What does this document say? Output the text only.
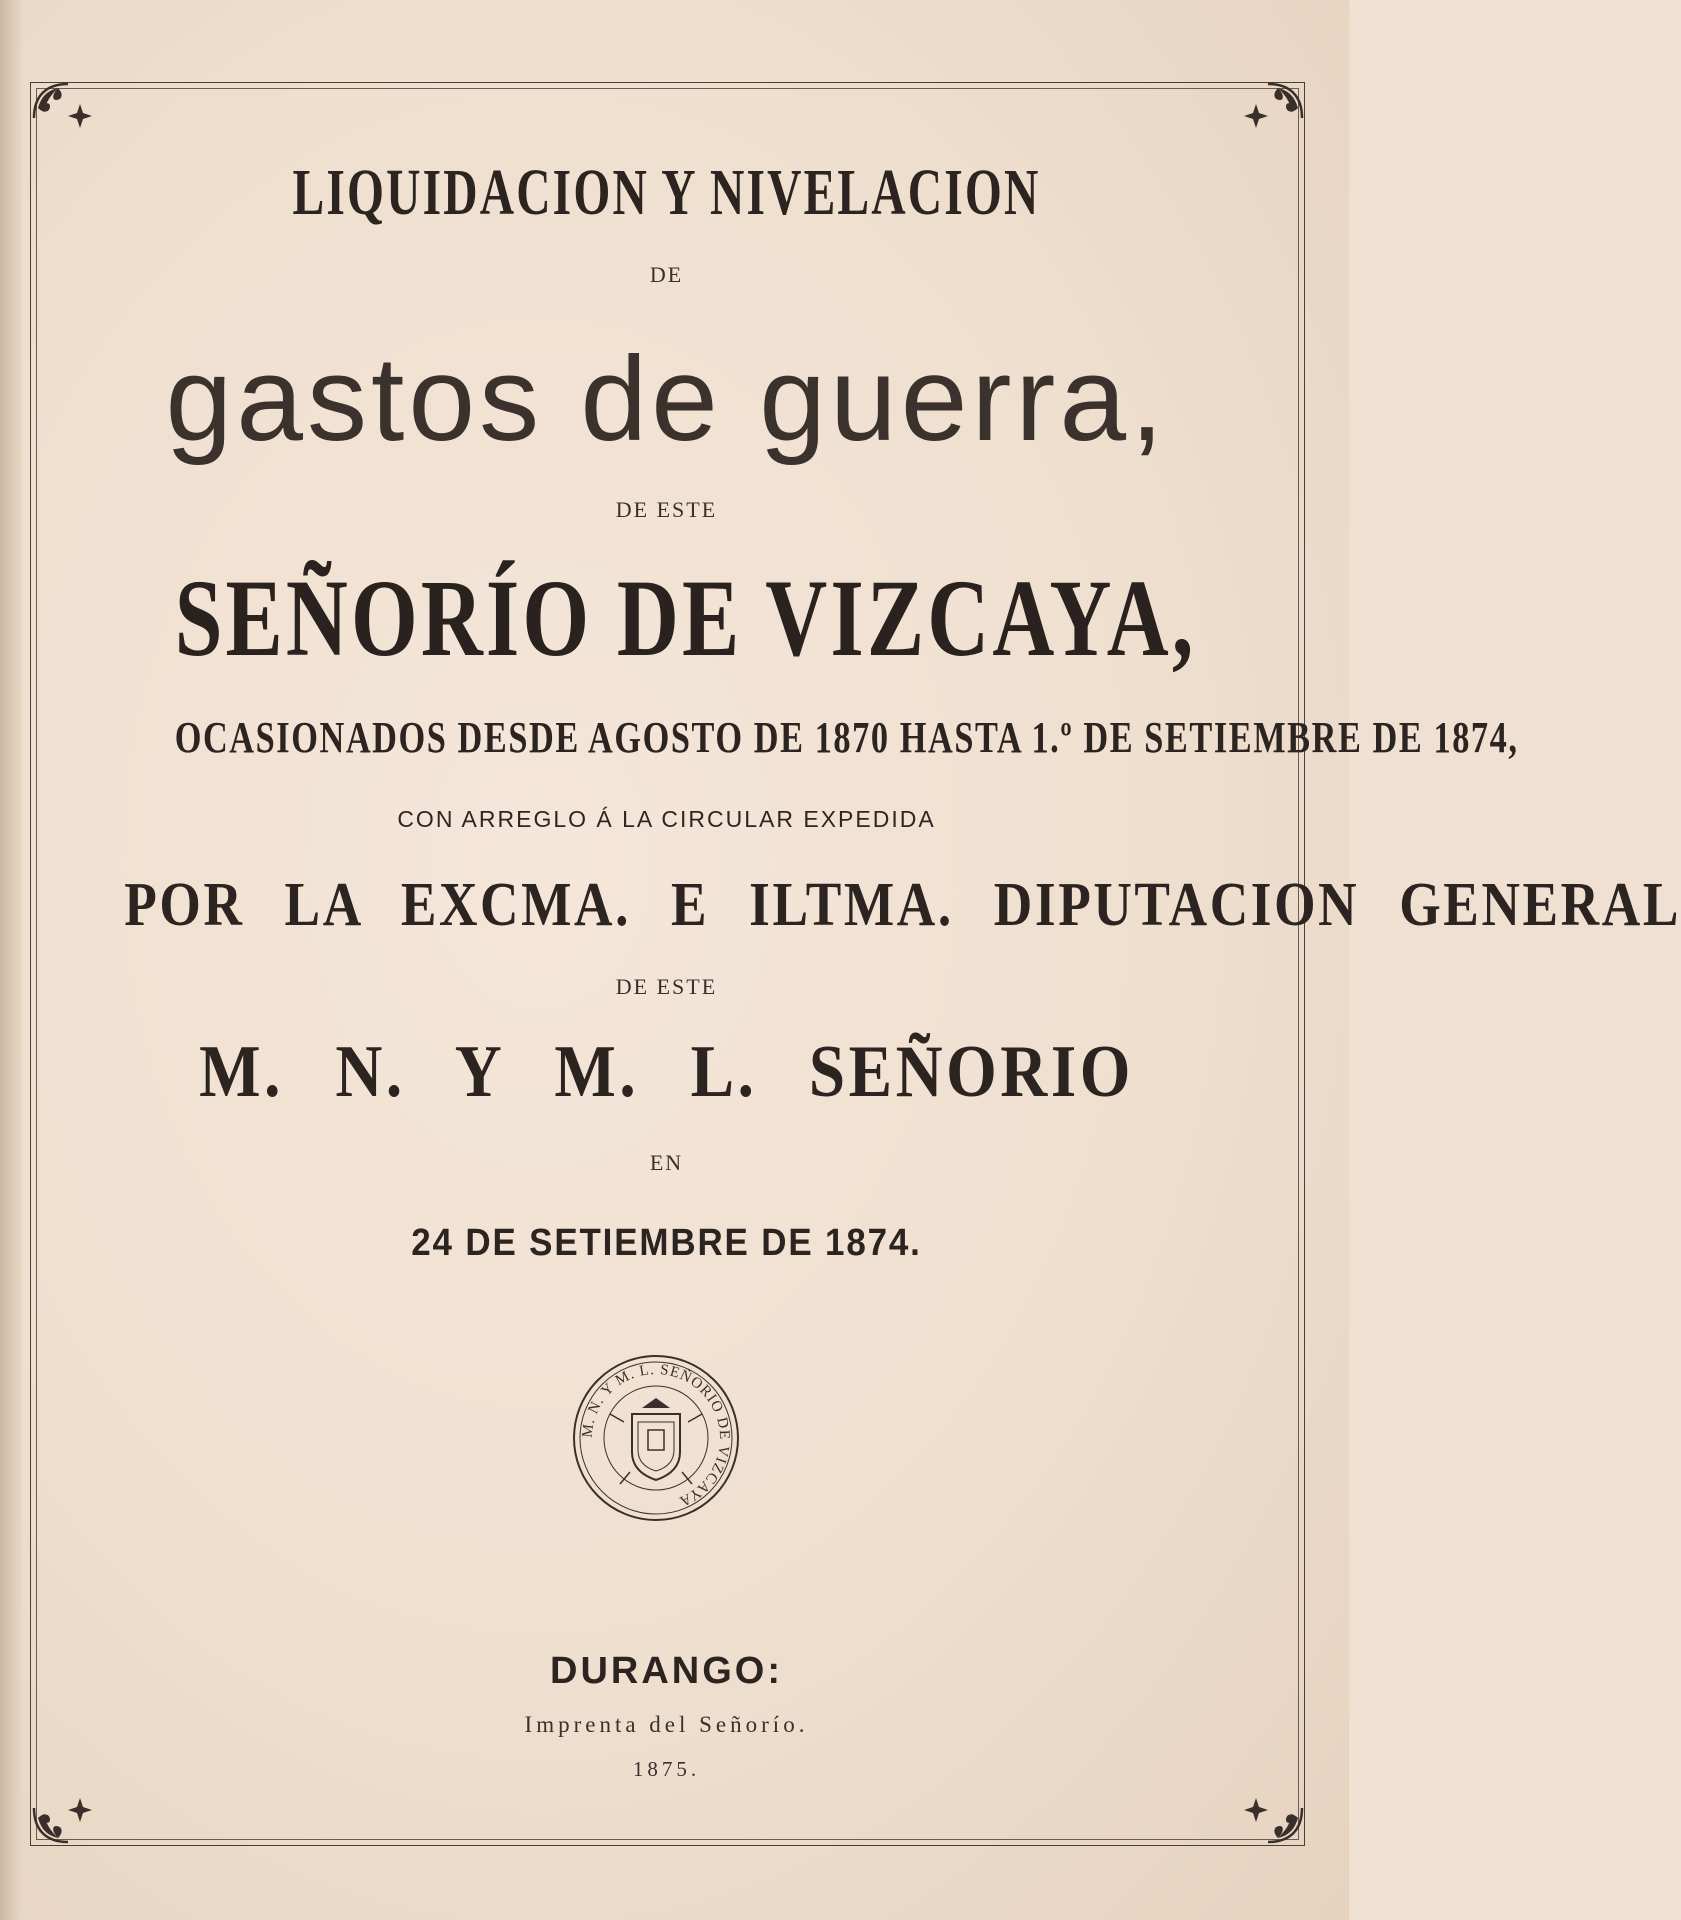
LIQUIDACION Y NIVELACION
DE
gastos de guerra,
DE ESTE
SEÑORÍO DE VIZCAYA,
OCASIONADOS DESDE AGOSTO DE 1870 HASTA 1.º DE SETIEMBRE DE 1874,
CON ARREGLO Á LA CIRCULAR EXPEDIDA
POR LA EXCMA. E ILTMA. DIPUTACION GENERAL
DE ESTE
M. N. Y M. L. SEÑORIO
EN
24 DE SETIEMBRE DE 1874.
M. N. Y M. L. SEÑORIO DE VIZCAYA
DURANGO:
Imprenta del Señorío.
1875.
